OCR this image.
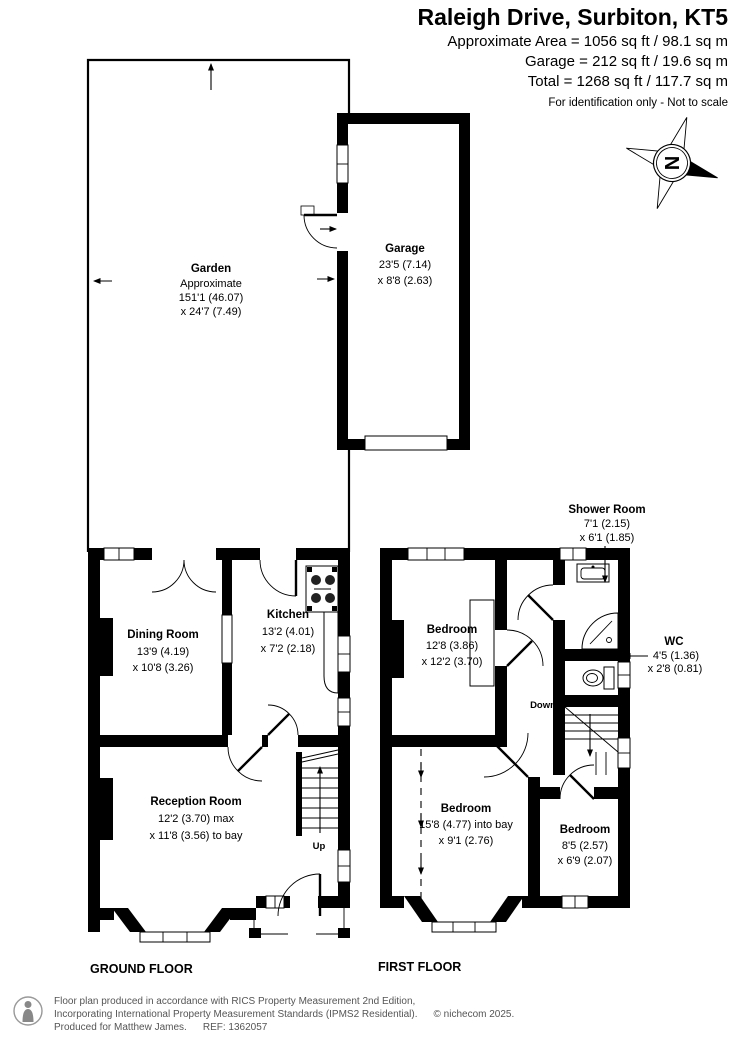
Raleigh Drive, Surbiton, KT5
Approximate Area = 1056 sq ft / 98.1 sq m
Garage = 212 sq ft / 19.6 sq m
Total = 1268 sq ft / 117.7 sq m
For identification only - Not to scale
N
Garden
Approximate
151'1 (46.07)
x 24'7 (7.49)
Garage
23'5 (7.14)
x 8'8 (2.63)
Up
Dining Room
13'9 (4.19)
x 10'8 (3.26)
Kitchen
13'2 (4.01)
x 7'2 (2.18)
Reception Room
12'2 (3.70) max
x 11'8 (3.56) to bay
GROUND FLOOR
Down
Shower Room
7'1 (2.15)
x 6'1 (1.85)
WC
4'5 (1.36)
x 2'8 (0.81)
Bedroom
12'8 (3.86)
x 12'2 (3.70)
Bedroom
15'8 (4.77) into bay
x 9'1 (2.76)
Bedroom
8'5 (2.57)
x 6'9 (2.07)
FIRST FLOOR
Floor plan produced in accordance with RICS Property Measurement 2nd Edition,
Incorporating International Property Measurement Standards (IPMS2 Residential). © nichecom 2025.
Produced for Matthew James. REF: 1362057
